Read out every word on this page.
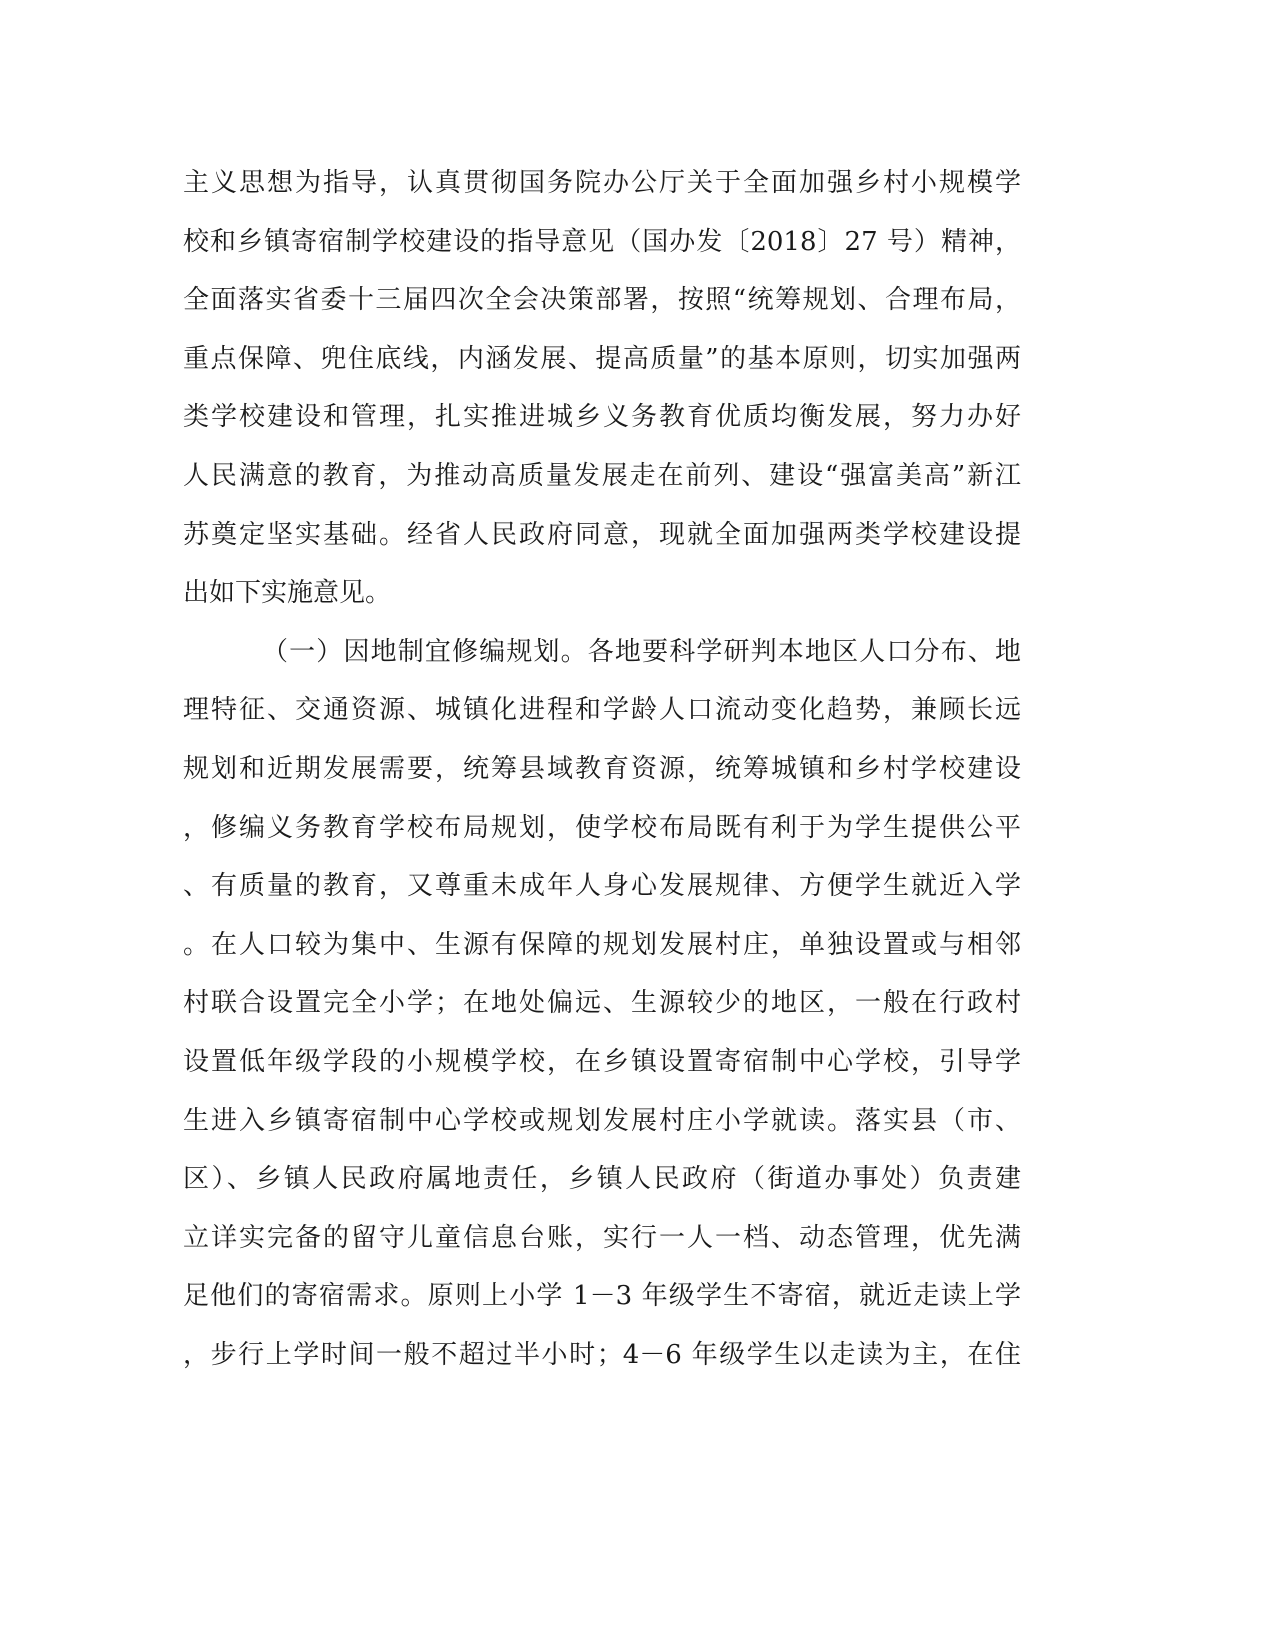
主义思想为指导，认真贯彻国务院办公厅关于全面加强乡村小规模学
校和乡镇寄宿制学校建设的指导意见（国办发〔2018〕27 号）精神，
全面落实省委十三届四次全会决策部署，按照“统筹规划、合理布局，
重点保障、兜住底线，内涵发展、提高质量”的基本原则，切实加强两
类学校建设和管理，扎实推进城乡义务教育优质均衡发展，努力办好
人民满意的教育，为推动高质量发展走在前列、建设“强富美高”新江
苏奠定坚实基础。经省人民政府同意，现就全面加强两类学校建设提
出如下实施意见。
（一）因地制宜修编规划。各地要科学研判本地区人口分布、地
理特征、交通资源、城镇化进程和学龄人口流动变化趋势，兼顾长远
规划和近期发展需要，统筹县域教育资源，统筹城镇和乡村学校建设
，修编义务教育学校布局规划，使学校布局既有利于为学生提供公平
、有质量的教育，又尊重未成年人身心发展规律、方便学生就近入学
。在人口较为集中、生源有保障的规划发展村庄，单独设置或与相邻
村联合设置完全小学；在地处偏远、生源较少的地区，一般在行政村
设置低年级学段的小规模学校，在乡镇设置寄宿制中心学校，引导学
生进入乡镇寄宿制中心学校或规划发展村庄小学就读。落实县（市、
区）、乡镇人民政府属地责任，乡镇人民政府（街道办事处）负责建
立详实完备的留守儿童信息台账，实行一人一档、动态管理，优先满
足他们的寄宿需求。原则上小学 1－3 年级学生不寄宿，就近走读上学
，步行上学时间一般不超过半小时；4－6 年级学生以走读为主，在住
